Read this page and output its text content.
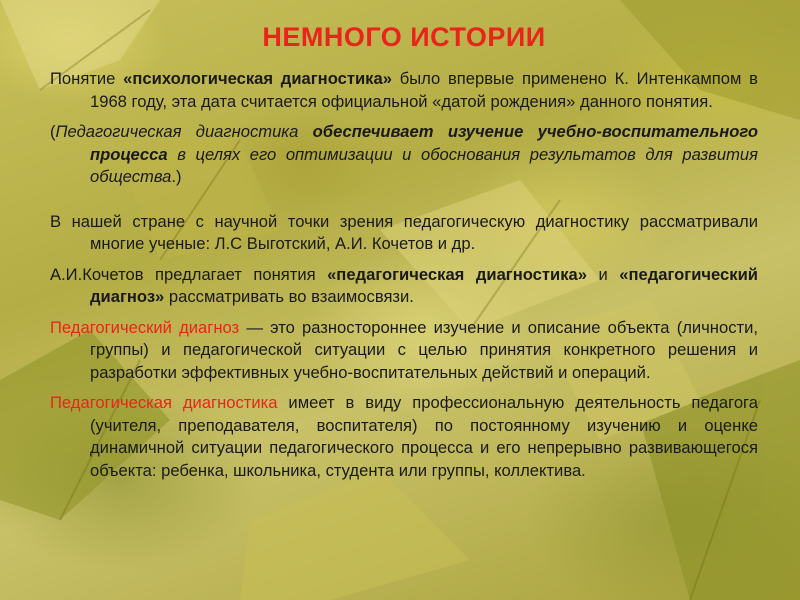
НЕМНОГО ИСТОРИИ

Понятие «психологическая диагностика» было впервые применено К. Интенкампом в 1968 году, эта дата считается официальной «датой рождения» данного понятия.

(Педагогическая диагностика обеспечивает изучение учебно-воспитательного процесса в целях его оптимизации и обоснования результатов для развития общества.)

В нашей стране с научной точки зрения педагогическую диагностику рассматривали многие ученые: Л.С Выготский, А.И. Кочетов и др.

А.И.Кочетов предлагает понятия «педагогическая диагностика» и «педагогический диагноз» рассматривать во взаимосвязи.

Педагогический диагноз — это разностороннее изучение и описание объекта (личности, группы) и педагогической ситуации с целью принятия конкретного решения и разработки эффективных учебно-воспитательных действий и операций.

Педагогическая диагностика имеет в виду профессиональную деятельность педагога (учителя, преподавателя, воспитателя) по постоянному изучению и оценке динамичной ситуации педагогического процесса и его непрерывно развивающегося объекта: ребенка, школьника, студента или группы, коллектива.
